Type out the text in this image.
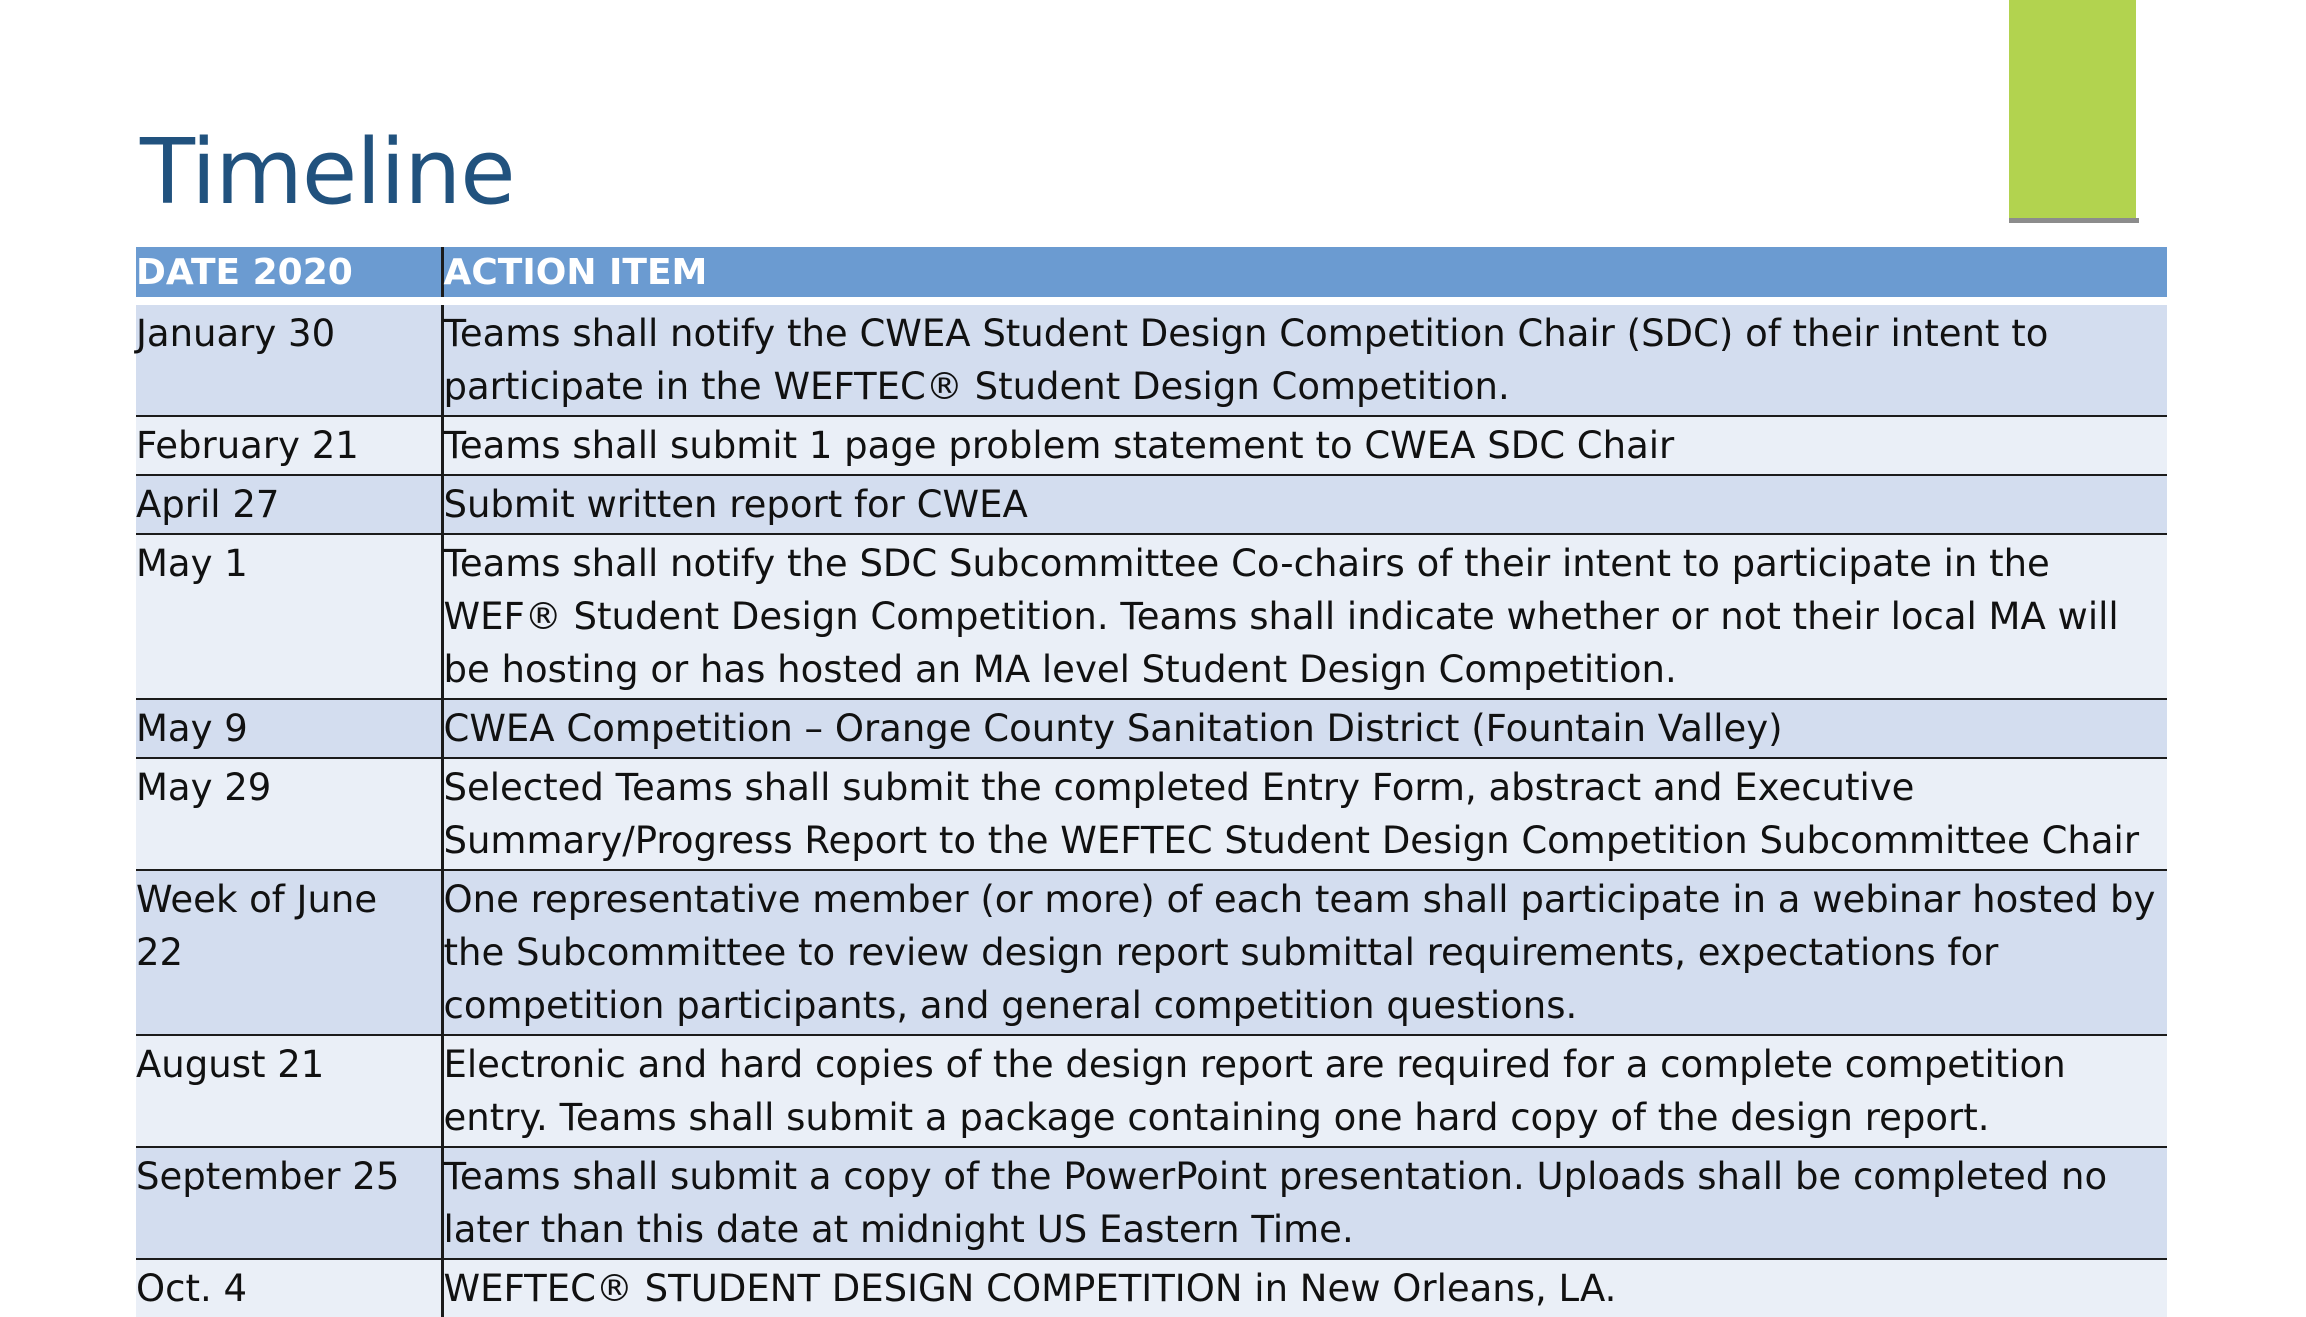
Timeline
DATE 2020	ACTION ITEM
January 30	Teams shall notify the CWEA Student Design Competition Chair (SDC) of their intent to participate in the WEFTEC® Student Design Competition.
February 21	Teams shall submit 1 page problem statement to CWEA SDC Chair
April 27	Submit written report for CWEA
May 1	Teams shall notify the SDC Subcommittee Co-chairs of their intent to participate in the WEF® Student Design Competition. Teams shall indicate whether or not their local MA will be hosting or has hosted an MA level Student Design Competition.
May 9	CWEA Competition – Orange County Sanitation District (Fountain Valley)
May 29	Selected Teams shall submit the completed Entry Form, abstract and Executive Summary/Progress Report to the WEFTEC Student Design Competition Subcommittee Chair
Week of June 22	One representative member (or more) of each team shall participate in a webinar hosted by the Subcommittee to review design report submittal requirements, expectations for competition participants, and general competition questions.
August 21	Electronic and hard copies of the design report are required for a complete competition entry. Teams shall submit a package containing one hard copy of the design report.
September 25	Teams shall submit a copy of the PowerPoint presentation. Uploads shall be completed no later than this date at midnight US Eastern Time.
Oct. 4	WEFTEC® STUDENT DESIGN COMPETITION in New Orleans, LA.
